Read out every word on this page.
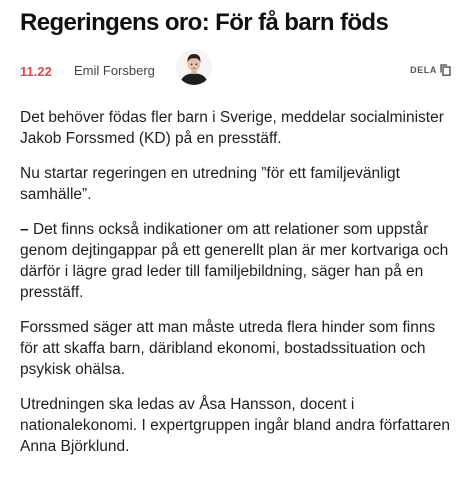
Regeringens oro: För få barn föds
11.22 Emil Forsberg	DELA

Det behöver födas fler barn i Sverige, meddelar socialminister Jakob Forssmed (KD) på en presstäff.

Nu startar regeringen en utredning ”för ett familjevänligt samhälle”.

– Det finns också indikationer om att relationer som uppstår genom dejtingappar på ett generellt plan är mer kortvariga och därför i lägre grad leder till familjebildning, säger han på en presstäff.

Forssmed säger att man måste utreda flera hinder som finns för att skaffa barn, däribland ekonomi, bostadssituation och psykisk ohälsa.

Utredningen ska ledas av Åsa Hansson, docent i nationalekonomi. I expertgruppen ingår bland andra författaren Anna Björklund.
